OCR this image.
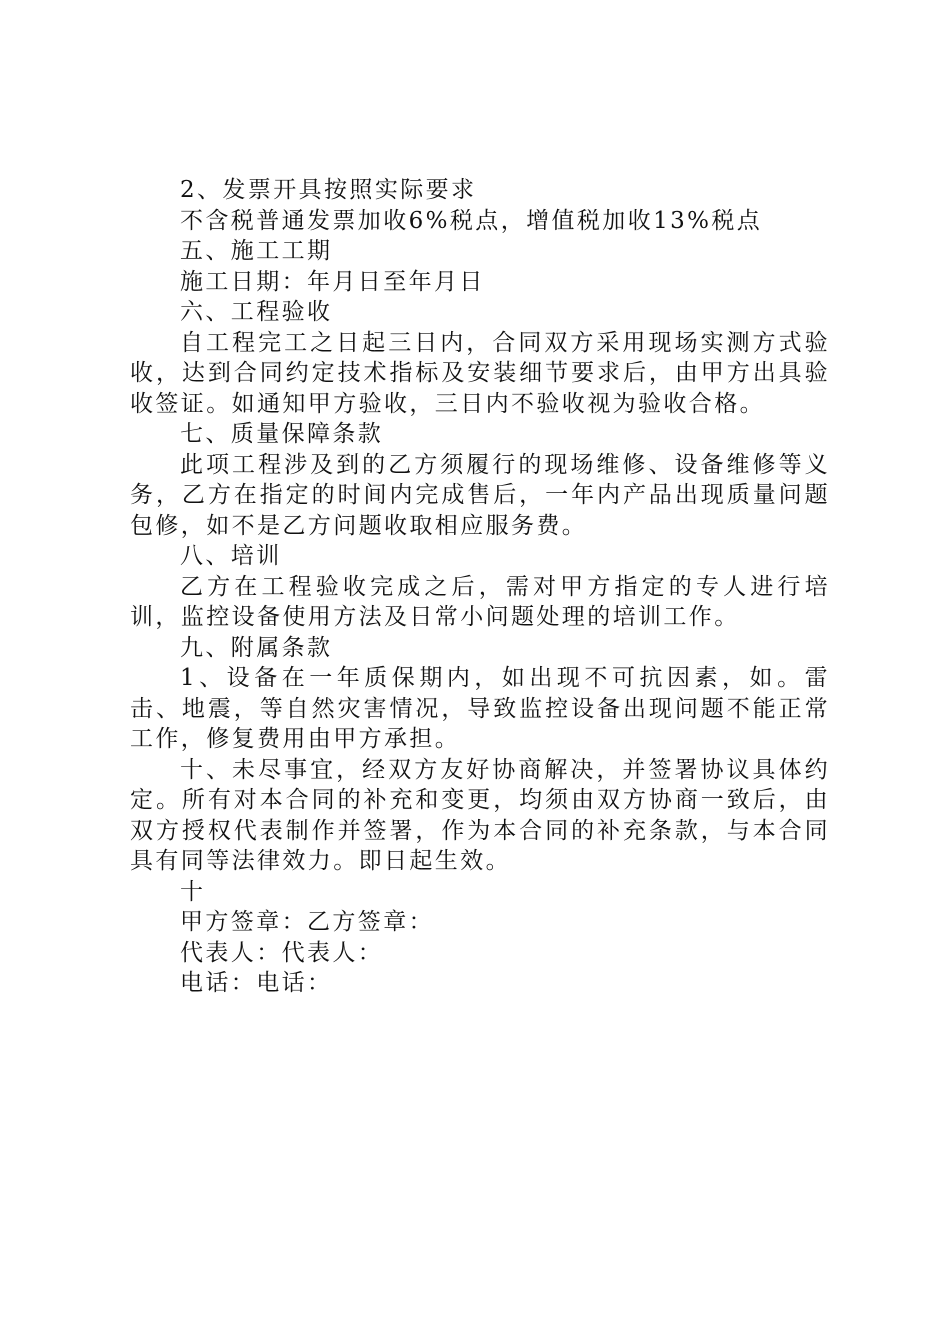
2、发票开具按照实际要求

不含税普通发票加收6%税点，增值税加收13%税点

五、施工工期

施工日期：年月日至年月日

六、工程验收

自工程完工之日起三日内，合同双方采用现场实测方式验收，达到合同约定技术指标及安装细节要求后，由甲方出具验收签证。如通知甲方验收，三日内不验收视为验收合格。

七、质量保障条款

此项工程涉及到的乙方须履行的现场维修、设备维修等义务，乙方在指定的时间内完成售后，一年内产品出现质量问题包修，如不是乙方问题收取相应服务费。

八、培训

乙方在工程验收完成之后，需对甲方指定的专人进行培训，监控设备使用方法及日常小问题处理的培训工作。

九、附属条款

1、设备在一年质保期内，如出现不可抗因素，如。雷击、地震，等自然灾害情况，导致监控设备出现问题不能正常工作，修复费用由甲方承担。

十、未尽事宜，经双方友好协商解决，并签署协议具体约定。所有对本合同的补充和变更，均须由双方协商一致后，由双方授权代表制作并签署，作为本合同的补充条款，与本合同具有同等法律效力。即日起生效。

十

甲方签章：乙方签章：

代表人：代表人：

电话：电话：
